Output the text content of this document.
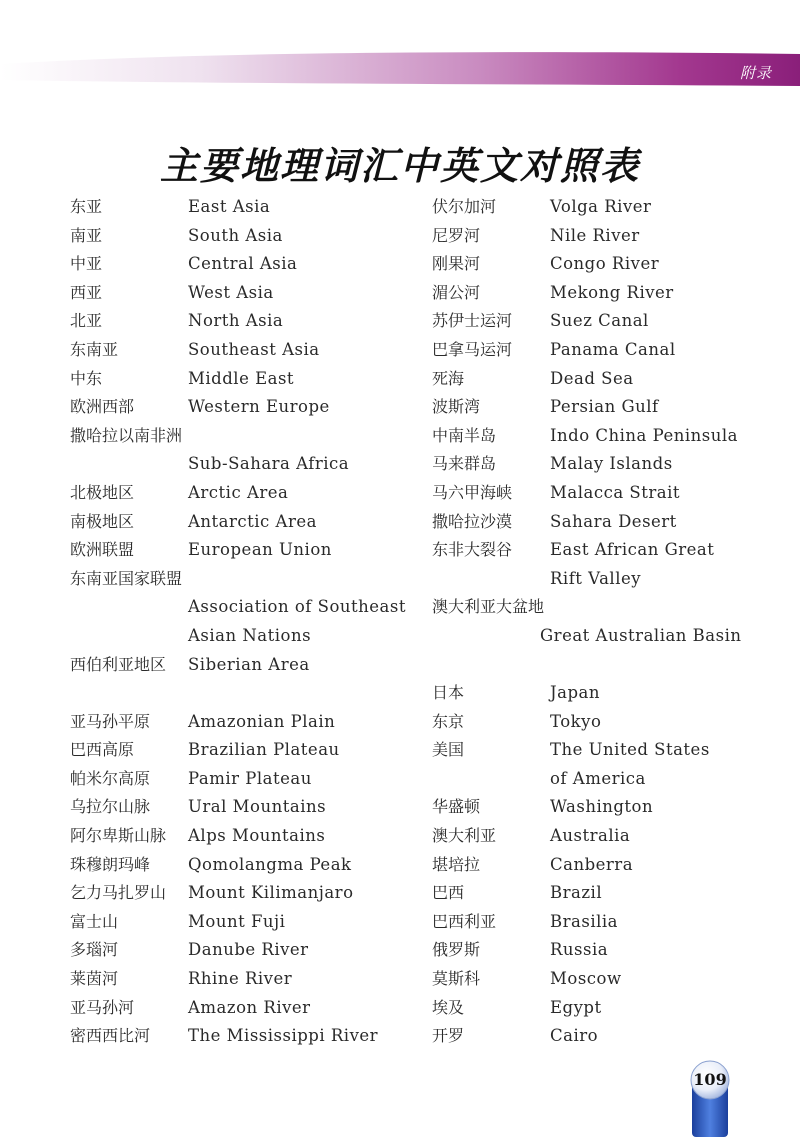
附录
主要地理词汇中英文对照表
东亚	East Asia
南亚	South Asia
中亚	Central Asia
西亚	West Asia
北亚	North Asia
东南亚	Southeast Asia
中东	Middle East
欧洲西部	Western Europe
撒哈拉以南非洲
Sub-Sahara Africa
北极地区	Arctic Area
南极地区	Antarctic Area
欧洲联盟	European Union
东南亚国家联盟
Association of Southeast
Asian Nations
西伯利亚地区 Siberian Area
亚马孙平原 Amazonian Plain
巴西高原	Brazilian Plateau
帕米尔高原 Pamir Plateau
乌拉尔山脉 Ural Mountains
阿尔卑斯山脉 Alps Mountains
珠穆朗玛峰 Qomolangma Peak
乞力马扎罗山 Mount Kilimanjaro
富士山	Mount Fuji
多瑙河	Danube River
莱茵河	Rhine River
亚马孙河	Amazon River
密西西比河 The Mississippi River
伏尔加河	Volga River
尼罗河	Nile River
刚果河	Congo River
湄公河	Mekong River
苏伊士运河 Suez Canal
巴拿马运河 Panama Canal
死海	Dead Sea
波斯湾	Persian Gulf
中南半岛	Indo China Peninsula
马来群岛	Malay Islands
马六甲海峡 Malacca Strait
撒哈拉沙漠 Sahara Desert
东非大裂谷 East African Great
Rift Valley
澳大利亚大盆地
Great Australian Basin
日本	Japan
东京	Tokyo
美国	The United States
of America
华盛顿	Washington
澳大利亚	Australia
堪培拉	Canberra
巴西	Brazil
巴西利亚	Brasilia
俄罗斯	Russia
莫斯科	Moscow
埃及	Egypt
开罗	Cairo
109
